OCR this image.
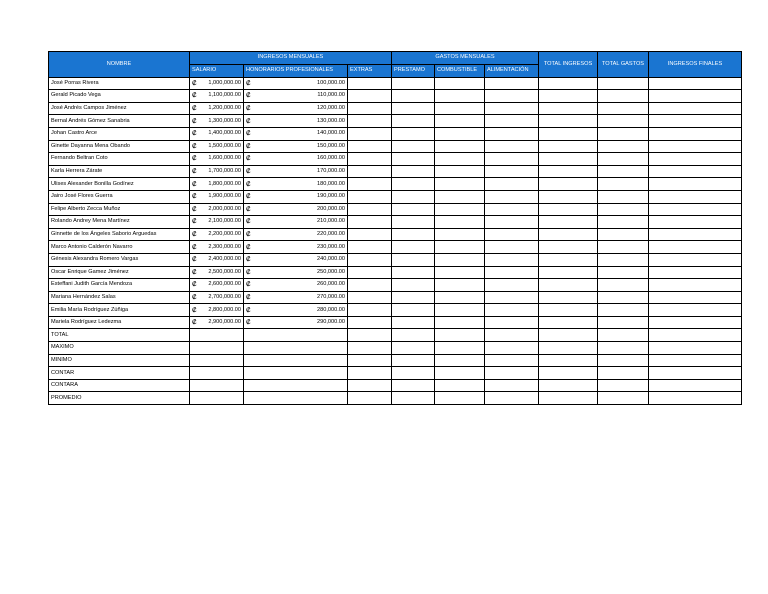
NOMBRE	INGRESOS MENSUALES			GASTOS MENSUALES			TOTAL INGRESOS	TOTAL GASTOS	INGRESOS FINALES
	SALARIO	HONORARIOS PROFESIONALES	EXTRAS	PRESTAMO	COMBUSTIBLE	ALIMENTACIÓN			
José Porras Rivera	₡ 1,000,000.00	₡ 100,000.00							

Gerald Picado Vega	₡ 1,100,000.00	₡ 110,000.00							

José Andrés Campos Jiménez	₡ 1,200,000.00	₡ 120,000.00							

Bernal Andrés Gómez Sanabria	₡ 1,300,000.00	₡ 130,000.00							

Johan Castro Arce	₡ 1,400,000.00	₡ 140,000.00							

Ginette Dayanna Mena Obando	₡ 1,500,000.00	₡ 150,000.00							

Fernando Beltran Coto	₡ 1,600,000.00	₡ 160,000.00							

Karla Herrera Zárate	₡ 1,700,000.00	₡ 170,000.00							

Ulises Alexander Bonilla Godínez	₡ 1,800,000.00	₡ 180,000.00							

Jairo José Flores Guerra	₡ 1,900,000.00	₡ 190,000.00							

Felipe Alberto Zecca Muñoz	₡ 2,000,000.00	₡ 200,000.00							

Rolando Andrey Mena Martínez	₡ 2,100,000.00	₡ 210,000.00							

Ginnette de los Ángeles Saborio Arguedas	₡ 2,200,000.00	₡ 220,000.00							

Marco Antonio Calderón Navarro	₡ 2,300,000.00	₡ 230,000.00							

Génesis Alexandra Romero Vargas	₡ 2,400,000.00	₡ 240,000.00							

Oscar Enrique Gamez Jiménez	₡ 2,500,000.00	₡ 250,000.00							

Esteffani Judith García Mendoza	₡ 2,600,000.00	₡ 260,000.00							

Mariana Hernández Salas	₡ 2,700,000.00	₡ 270,000.00							

Emilia María Rodríguez Zúñiga	₡ 2,800,000.00	₡ 280,000.00							

Mariela Rodríguez Ledezma	₡ 2,900,000.00	₡ 290,000.00							

TOTAL									
MAXIMO									
MINIMO									
CONTAR									
CONTARA									
PROMEDIO									
